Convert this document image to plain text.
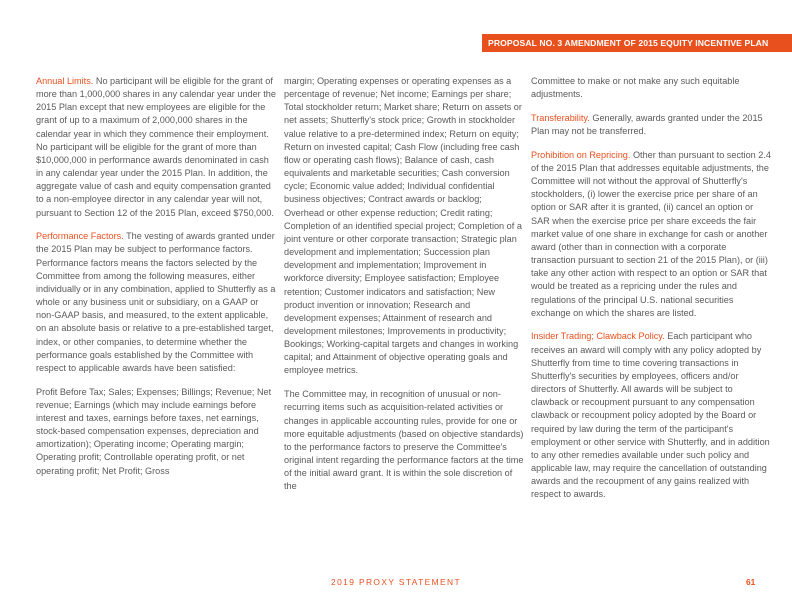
PROPOSAL NO. 3 AMENDMENT OF 2015 EQUITY INCENTIVE PLAN

Annual Limits. No participant will be eligible for the grant of more than 1,000,000 shares in any calendar year under the 2015 Plan except that new employees are eligible for the grant of up to a maximum of 2,000,000 shares in the calendar year in which they commence their employment. No participant will be eligible for the grant of more than $10,000,000 in performance awards denominated in cash in any calendar year under the 2015 Plan. In addition, the aggregate value of cash and equity compensation granted to a non-employee director in any calendar year will not, pursuant to Section 12 of the 2015 Plan, exceed $750,000.

Performance Factors. The vesting of awards granted under the 2015 Plan may be subject to performance factors. Performance factors means the factors selected by the Committee from among the following measures, either individually or in any combination, applied to Shutterfly as a whole or any business unit or subsidiary, on a GAAP or non-GAAP basis, and measured, to the extent applicable, on an absolute basis or relative to a pre-established target, index, or other companies, to determine whether the performance goals established by the Committee with respect to applicable awards have been satisfied:

Profit Before Tax; Sales; Expenses; Billings; Revenue; Net revenue; Earnings (which may include earnings before interest and taxes, earnings before taxes, net earnings, stock-based compensation expenses, depreciation and amortization); Operating income; Operating margin; Operating profit; Controllable operating profit, or net operating profit; Net Profit; Gross

margin; Operating expenses or operating expenses as a percentage of revenue; Net income; Earnings per share; Total stockholder return; Market share; Return on assets or net assets; Shutterfly's stock price; Growth in stockholder value relative to a pre-determined index; Return on equity; Return on invested capital; Cash Flow (including free cash flow or operating cash flows); Balance of cash, cash equivalents and marketable securities; Cash conversion cycle; Economic value added; Individual confidential business objectives; Contract awards or backlog; Overhead or other expense reduction; Credit rating; Completion of an identified special project; Completion of a joint venture or other corporate transaction; Strategic plan development and implementation; Succession plan development and implementation; Improvement in workforce diversity; Employee satisfaction; Employee retention; Customer indicators and satisfaction; New product invention or innovation; Research and development expenses; Attainment of research and development milestones; Improvements in productivity; Bookings; Working-capital targets and changes in working capital; and Attainment of objective operating goals and employee metrics.

The Committee may, in recognition of unusual or non-recurring items such as acquisition-related activities or changes in applicable accounting rules, provide for one or more equitable adjustments (based on objective standards) to the performance factors to preserve the Committee's original intent regarding the performance factors at the time of the initial award grant. It is within the sole discretion of the

Committee to make or not make any such equitable adjustments.

Transferability. Generally, awards granted under the 2015 Plan may not be transferred.

Prohibition on Repricing. Other than pursuant to section 2.4 of the 2015 Plan that addresses equitable adjustments, the Committee will not without the approval of Shutterfly's stockholders, (i) lower the exercise price per share of an option or SAR after it is granted, (ii) cancel an option or SAR when the exercise price per share exceeds the fair market value of one share in exchange for cash or another award (other than in connection with a corporate transaction pursuant to section 21 of the 2015 Plan), or (iii) take any other action with respect to an option or SAR that would be treated as a repricing under the rules and regulations of the principal U.S. national securities exchange on which the shares are listed.

Insider Trading; Clawback Policy. Each participant who receives an award will comply with any policy adopted by Shutterfly from time to time covering transactions in Shutterfly's securities by employees, officers and/or directors of Shutterfly. All awards will be subject to clawback or recoupment pursuant to any compensation clawback or recoupment policy adopted by the Board or required by law during the term of the participant's employment or other service with Shutterfly, and in addition to any other remedies available under such policy and applicable law, may require the cancellation of outstanding awards and the recoupment of any gains realized with respect to awards.

2019 PROXY STATEMENT	61
